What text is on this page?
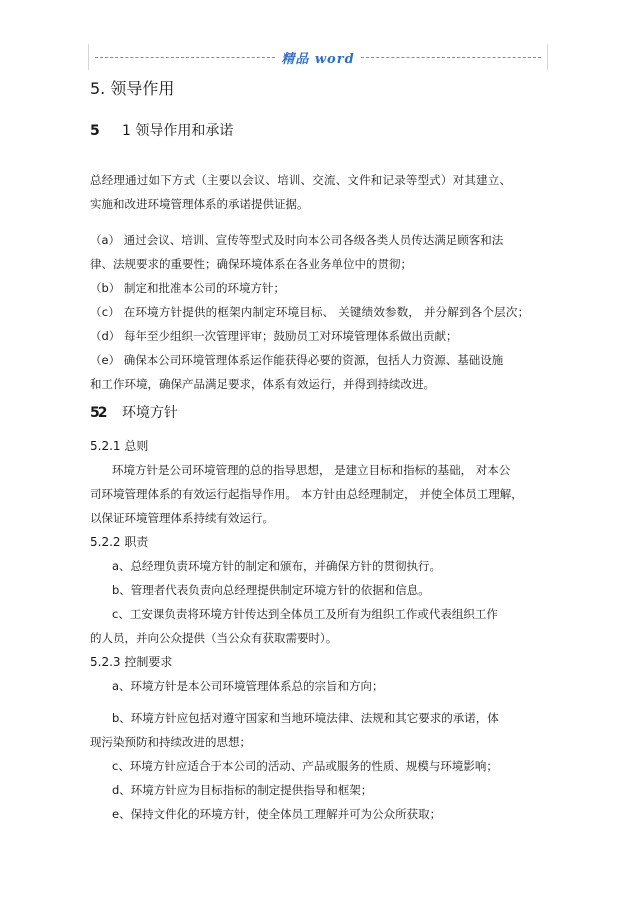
精品 word
5. 领导作用
5 1 领导作用和承诺

总经理通过如下方式（主要以会议、培训、交流、文件和记录等型式）对其建立、

实施和改进环境管理体系的承诺提供证据。

（a） 通过会议、培训、宣传等型式及时向本公司各级各类人员传达满足顾客和法

律、法规要求的重要性；确保环境体系在各业务单位中的贯彻；

（b） 制定和批准本公司的环境方针；

（c） 在环境方针提供的框架内制定环境目标、 关键绩效参数， 并分解到各个层次；

（d） 每年至少组织一次管理评审；鼓励员工对环境管理体系做出贡献；

（e） 确保本公司环境管理体系运作能获得必要的资源，包括人力资源、基础设施

和工作环境，确保产品满足要求，体系有效运行，并得到持续改进。

52 环境方针
5.2.1 总则

环境方针是公司环境管理的总的指导思想， 是建立目标和指标的基础， 对本公

司环境管理体系的有效运行起指导作用。 本方针由总经理制定， 并使全体员工理解，

以保证环境管理体系持续有效运行。

5.2.2 职责

a、总经理负责环境方针的制定和颁布，并确保方针的贯彻执行。

b、管理者代表负责向总经理提供制定环境方针的依据和信息。

c、工安课负责将环境方针传达到全体员工及所有为组织工作或代表组织工作

的人员，并向公众提供（当公众有获取需要时）。

5.2.3 控制要求

a、环境方针是本公司环境管理体系总的宗旨和方向；

b、环境方针应包括对遵守国家和当地环境法律、法规和其它要求的承诺，体

现污染预防和持续改进的思想；

c、环境方针应适合于本公司的活动、产品或服务的性质、规模与环境影响；

d、环境方针应为目标指标的制定提供指导和框架；

e、保持文件化的环境方针，使全体员工理解并可为公众所获取；
